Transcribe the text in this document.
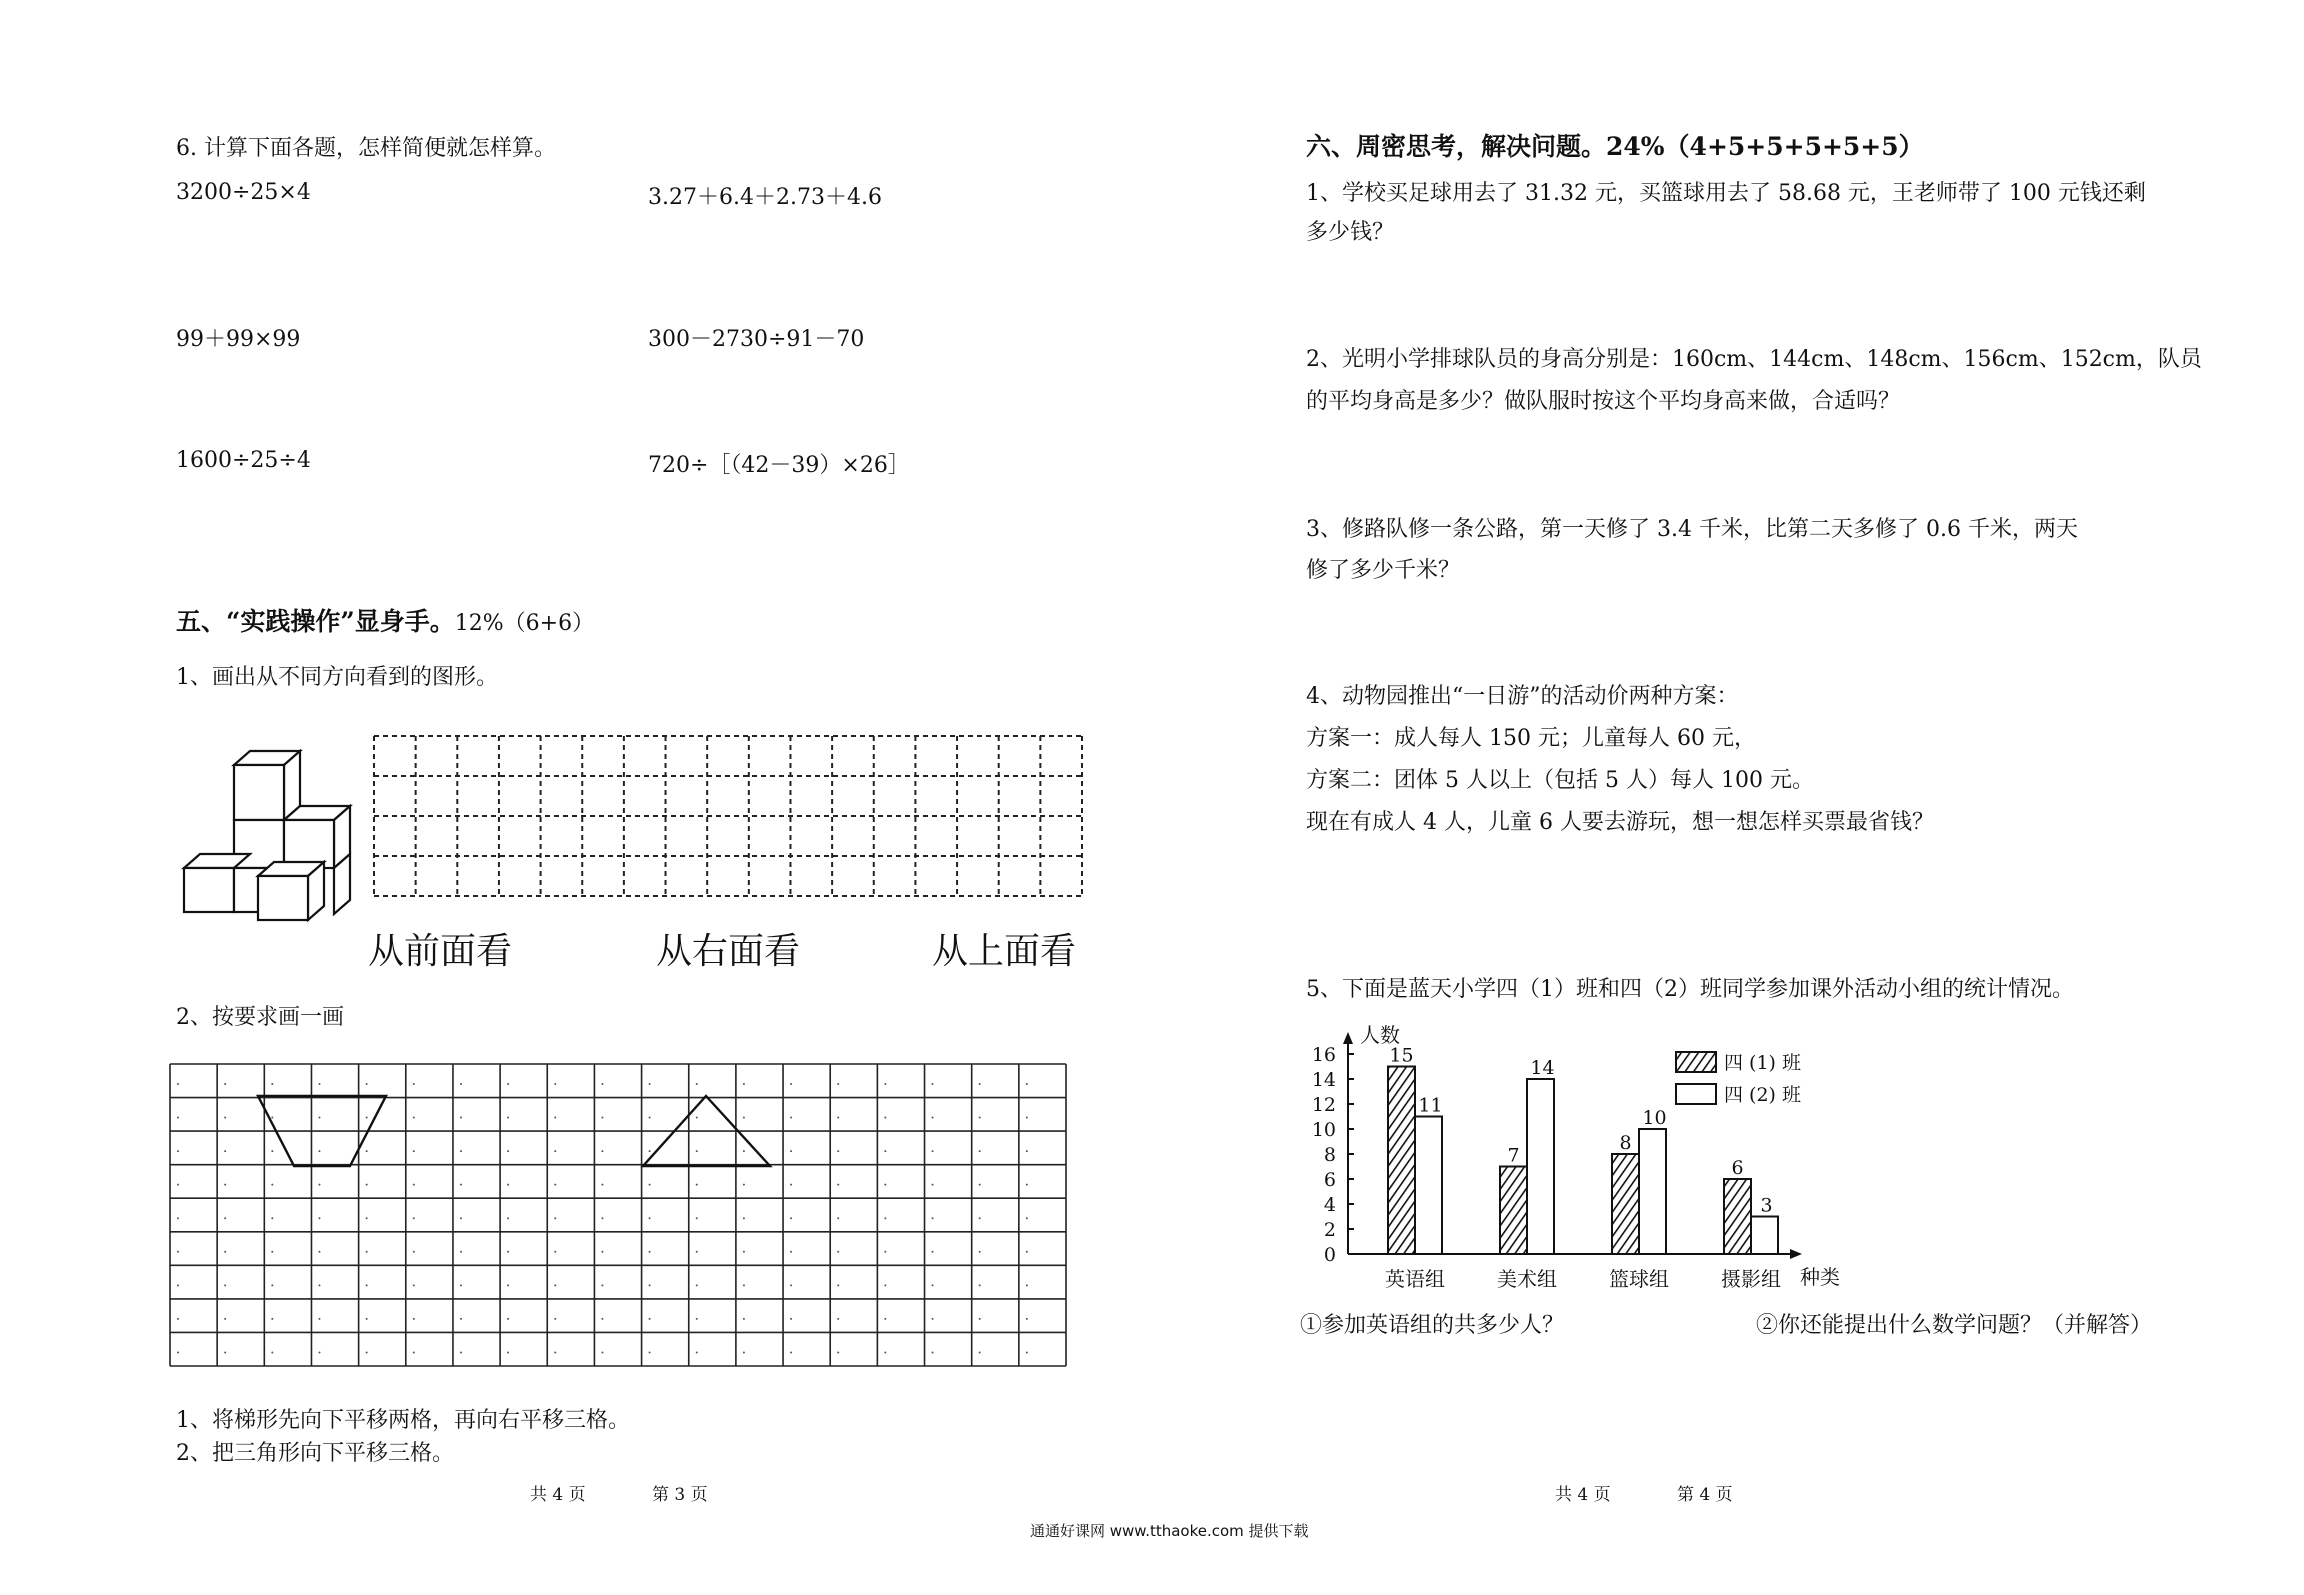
6. 计算下面各题，怎样简便就怎样算。
3200÷25×4	3.27＋6.4＋2.73＋4.6
99＋99×99	300－2730÷91－70
1600÷25÷4	720÷［（42－39）×26］
五、“实践操作”显身手。12%（6+6）
1、画出从不同方向看到的图形。
从前面看	从右面看	从上面看
2、按要求画一画
1、将梯形先向下平移两格，再向右平移三格。
2、把三角形向下平移三格。
共 4 页	第 3 页
六、周密思考，解决问题。24%（4+5+5+5+5+5）
1、学校买足球用去了 31.32 元，买篮球用去了 58.68 元，王老师带了 100 元钱还剩
多少钱？
2、光明小学排球队员的身高分别是：160cm、144cm、148cm、156cm、152cm，队员
的平均身高是多少？做队服时按这个平均身高来做，合适吗？
3、修路队修一条公路，第一天修了 3.4 千米，比第二天多修了 0.6 千米，两天
修了多少千米？
4、动物园推出“一日游”的活动价两种方案：
方案一：成人每人 150 元；儿童每人 60 元，
方案二：团体 5 人以上（包括 5 人）每人 100 元。
现在有成人 4 人，儿童 6 人要去游玩，想一想怎样买票最省钱？
5、下面是蓝天小学四（1）班和四（2）班同学参加课外活动小组的统计情况。
0
2
4
6
8
10
12
14
16
人数
种类
15
11
英语组
7
14
美术组
8
10
篮球组
6
3
摄影组
四 (1) 班
四 (2) 班
①参加英语组的共多少人？	②你还能提出什么数学问题？（并解答）
共 4 页	第 4 页
通通好课网 www.tthaoke.com 提供下载
